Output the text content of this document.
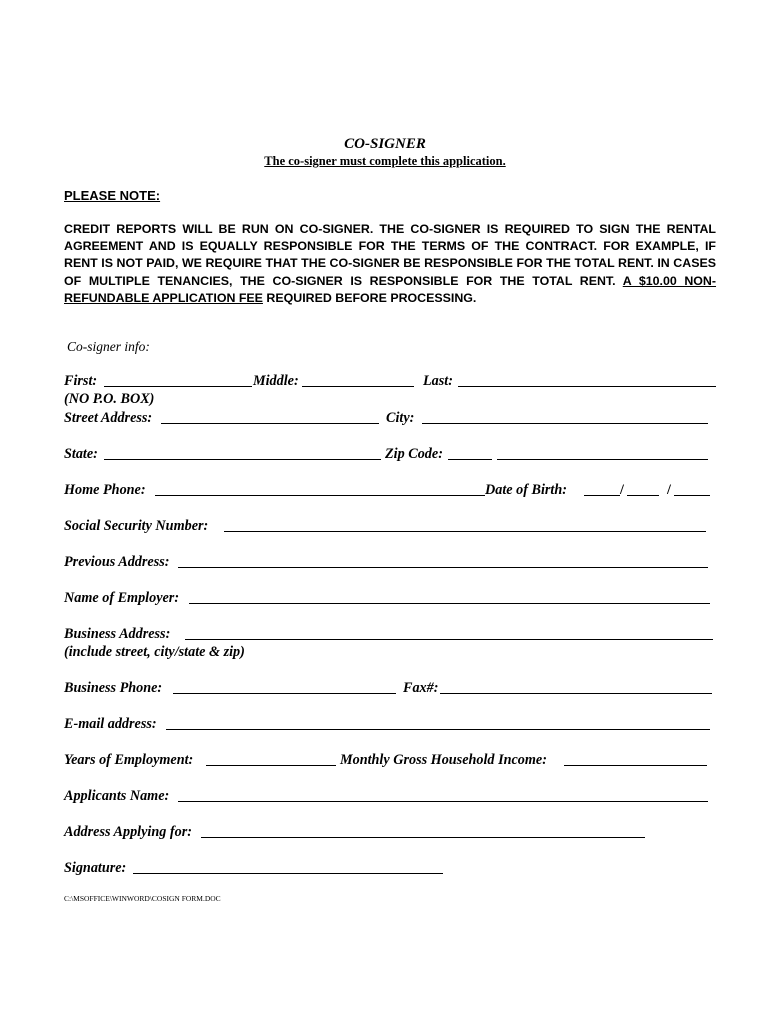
CO-SIGNER
The co-signer must complete this application.
PLEASE NOTE:
CREDIT REPORTS WILL BE RUN ON CO-SIGNER. THE CO-SIGNER IS REQUIRED TO SIGN THE RENTAL AGREEMENT AND IS EQUALLY RESPONSIBLE FOR THE TERMS OF THE CONTRACT. FOR EXAMPLE, IF RENT IS NOT PAID, WE REQUIRE THAT THE CO-SIGNER BE RESPONSIBLE FOR THE TOTAL RENT. IN CASES OF MULTIPLE TENANCIES, THE CO-SIGNER IS RESPONSIBLE FOR THE TOTAL RENT. A $10.00 NON-REFUNDABLE APPLICATION FEE REQUIRED BEFORE PROCESSING.
Co-signer info:
First:	Middle:	Last:
(NO P.O. BOX)
Street Address:	City:
State:	Zip Code:
Home Phone:	Date of Birth:	/	/
Social Security Number:
Previous Address:
Name of Employer:
Business Address:
(include street, city/state & zip)
Business Phone:	Fax#:
E-mail address:
Years of Employment:	Monthly Gross Household Income:
Applicants Name:
Address Applying for:
Signature:
C:\MSOFFICE\WINWORD\COSIGN FORM.DOC
